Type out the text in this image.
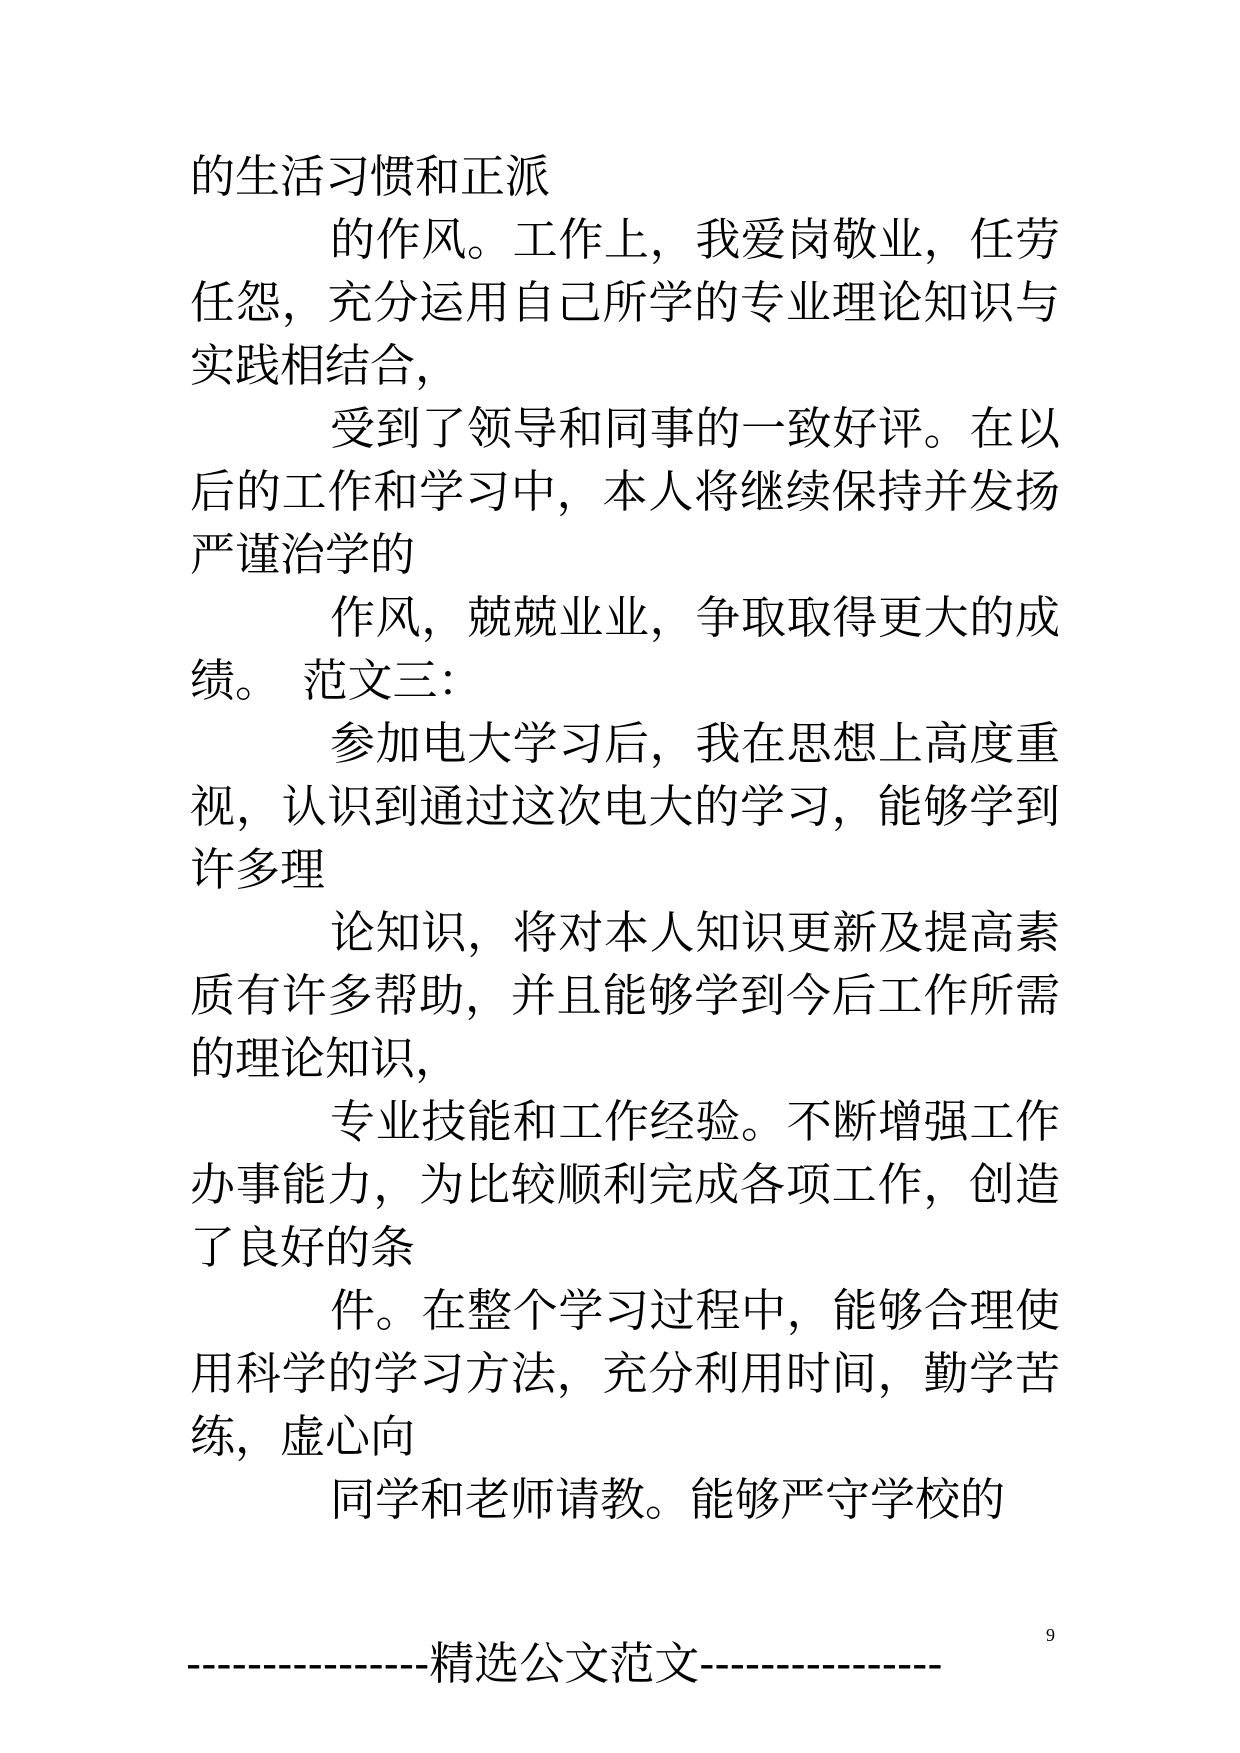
的生活习惯和正派

的作风。工作上，我爱岗敬业，任劳任怨，充分运用自己所学的专业理论知识与实践相结合，

受到了领导和同事的一致好评。在以后的工作和学习中，本人将继续保持并发扬严谨治学的

作风，兢兢业业，争取取得更大的成绩。　范文三：

参加电大学习后，我在思想上高度重视，认识到通过这次电大的学习，能够学到许多理

论知识，将对本人知识更新及提高素质有许多帮助，并且能够学到今后工作所需的理论知识，

专业技能和工作经验。不断增强工作办事能力，为比较顺利完成各项工作，创造了良好的条

件。在整个学习过程中，能够合理使用科学的学习方法，充分利用时间，勤学苦练，虚心向

同学和老师请教。能够严守学校的

9
----------------精选公文范文----------------
